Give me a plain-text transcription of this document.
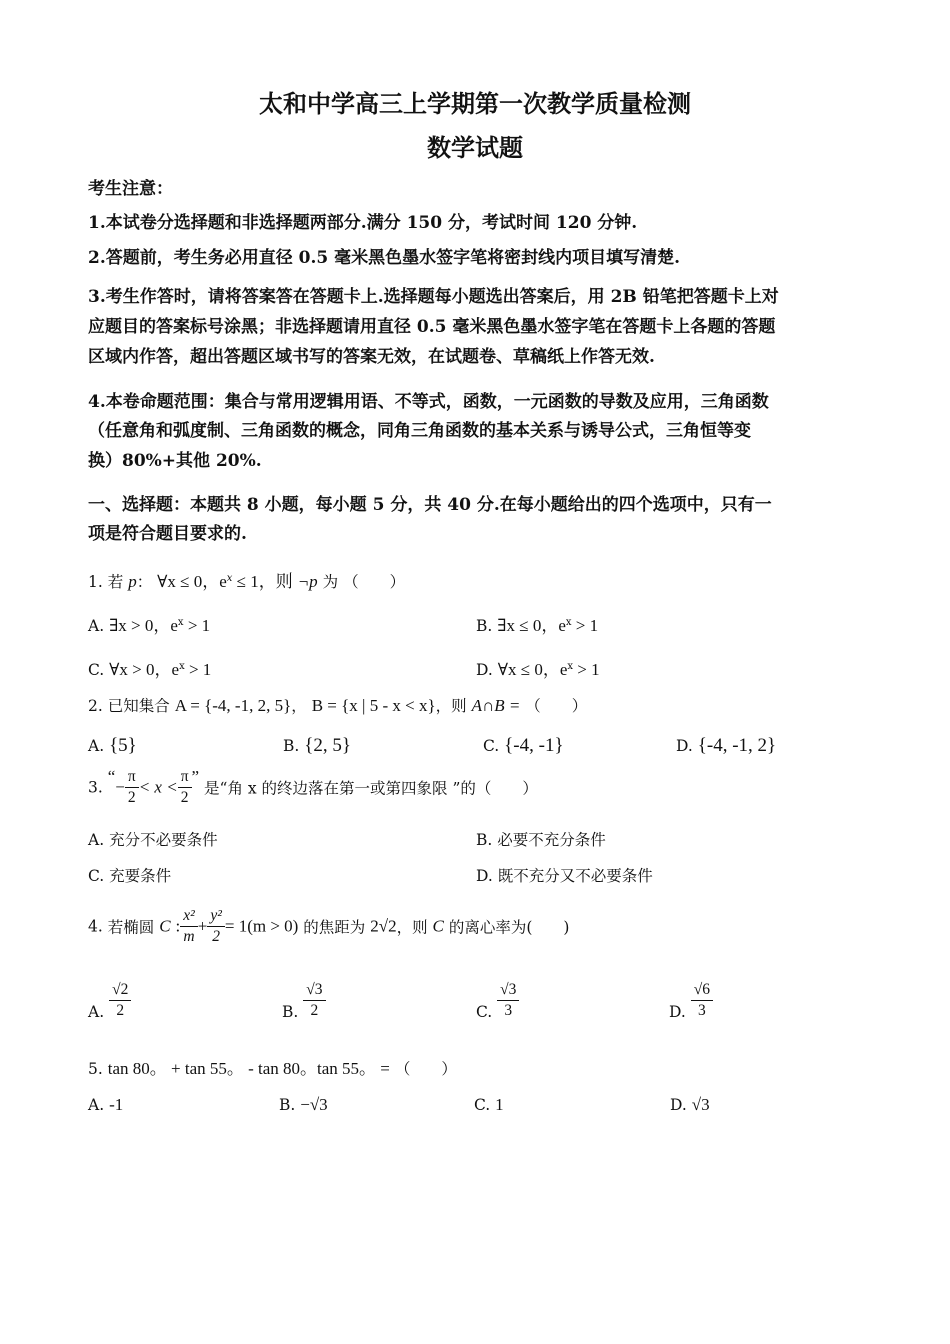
太和中学高三上学期第一次教学质量检测
数学试题
考生注意：
1.本试卷分选择题和非选择题两部分.满分 150 分，考试时间 120 分钟.
2.答题前，考生务必用直径 0.5 毫米黑色墨水签字笔将密封线内项目填写清楚.
3.考生作答时，请将答案答在答题卡上.选择题每小题选出答案后，用 2B 铅笔把答题卡上对
应题目的答案标号涂黑；非选择题请用直径 0.5 毫米黑色墨水签字笔在答题卡上各题的答题
区域内作答，超出答题区域书写的答案无效，在试题卷、草稿纸上作答无效.
4.本卷命题范围：集合与常用逻辑用语、不等式，函数，一元函数的导数及应用，三角函数
（任意角和弧度制、三角函数的概念，同角三角函数的基本关系与诱导公式，三角恒等变
换）80%+其他 20%.
一、选择题：本题共 8 小题，每小题 5 分，共 40 分.在每小题给出的四个选项中，只有一
项是符合题目要求的.
1. 若 p： ∀x ≤ 0，$e^x \le 1$，则 ¬p 为 （　　）
A. ∃x > 0，$e^x > 1$	B. ∃x ≤ 0，$e^x > 1$
C. ∀x > 0，$e^x > 1$	D. ∀x ≤ 0，$e^x > 1$
2. 已知集合 A = {-4, -1, 2, 5}， B = {x | 5 - x < x}，则 A∩B = （　　）
A. {5}	B. {2, 5}	C. {-4, -1}	D. {-4, -1, 2}
3. “− $\frac{\pi}{2} < x < \frac{\pi}{2}$ ” 是“角 x 的终边落在第一或第四象限 ”的（　　）
A. 充分不必要条件	B. 必要不充分条件
C. 充要条件	D. 既不充分又不必要条件
4. 若椭圆 C : $\frac{\text{x²}}{m} + \frac{\text{y²}}{2} = 1(m > 0)$ 的焦距为 2√2，则 C 的离心率为(　　)
A. $\frac{√2}{2}$	B. $\frac{√3}{2}$	C. $\frac{√3}{3}$	D. $\frac{√6}{3}$
5. tan 80。 + tan 55。 - tan 80。tan 55。 = （　　）
A. -1	B. −√3	C. 1	D. √3
